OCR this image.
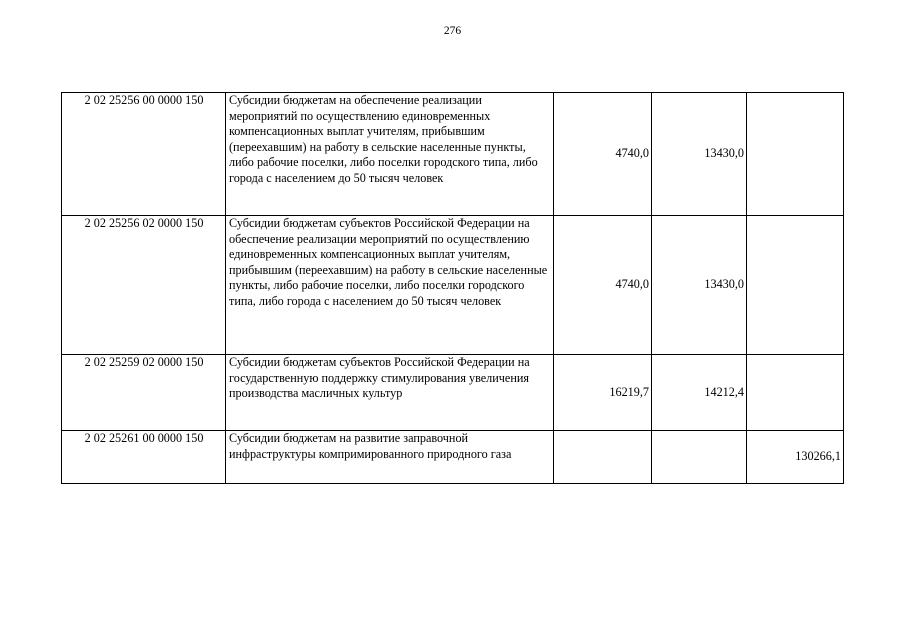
276
2 02 25256 00 0000 150	Субсидии бюджетам на обеспечение реализации мероприятий по осуществлению единовременных компенсационных выплат учителям, прибывшим (переехавшим) на работу в сельские населенные пункты, либо рабочие поселки, либо поселки городского типа, либо города с населением до 50 тысяч человек	4740,0	13430,0	
2 02 25256 02 0000 150	Субсидии бюджетам субъектов Российской Федерации на обеспечение реализации мероприятий по осуществлению единовременных компенсационных выплат учителям, прибывшим (переехавшим) на работу в сельские населенные пункты, либо рабочие поселки, либо поселки городского типа, либо города с населением до 50 тысяч человек	4740,0	13430,0	
2 02 25259 02 0000 150	Субсидии бюджетам субъектов Российской Федерации на государственную поддержку стимулирования увеличения производства масличных культур	16219,7	14212,4	
2 02 25261 00 0000 150	Субсидии бюджетам на развитие заправочной инфраструктуры компримированного природного газа			130266,1
